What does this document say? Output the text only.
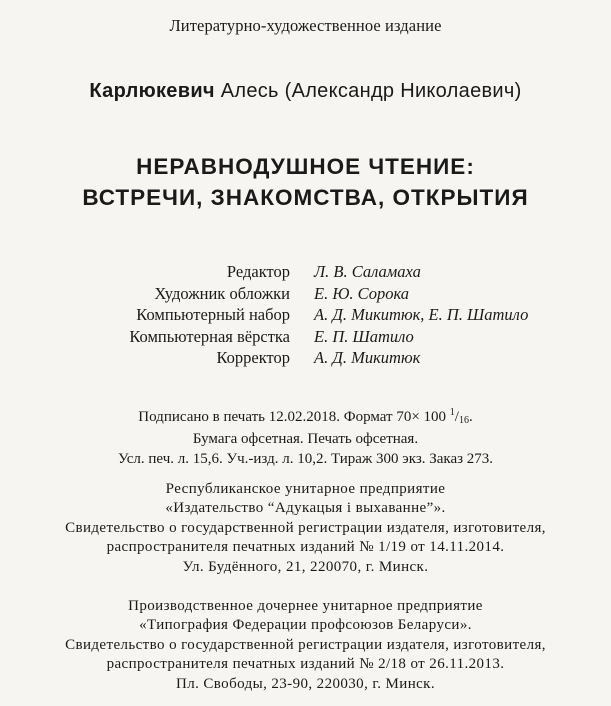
Литературно-художественное издание
Карлюкевич Алесь (Александр Николаевич)
НЕРАВНОДУШНОЕ ЧТЕНИЕ:
ВСТРЕЧИ, ЗНАКОМСТВА, ОТКРЫТИЯ
Редактор Л. В. Саламаха
Художник обложки Е. Ю. Сорока
Компьютерный набор А. Д. Микитюк, Е. П. Шатило
Компьютерная вёрстка Е. П. Шатило
Корректор А. Д. Микитюк
Подписано в печать 12.02.2018. Формат 70× 100 $^1/_{16}$.
Бумага офсетная. Печать офсетная.
Усл. печ. л. 15,6. Уч.-изд. л. 10,2. Тираж 300 экз. Заказ 273.
Республиканское унитарное предприятие
«Издательство “Адукацыя і выхаванне”».
Свидетельство о государственной регистрации издателя, изготовителя,
распространителя печатных изданий № 1/19 от 14.11.2014.
Ул. Будённого, 21, 220070, г. Минск.
Производственное дочернее унитарное предприятие
«Типография Федерации профсоюзов Беларуси».
Свидетельство о государственной регистрации издателя, изготовителя,
распространителя печатных изданий № 2/18 от 26.11.2013.
Пл. Свободы, 23-90, 220030, г. Минск.
